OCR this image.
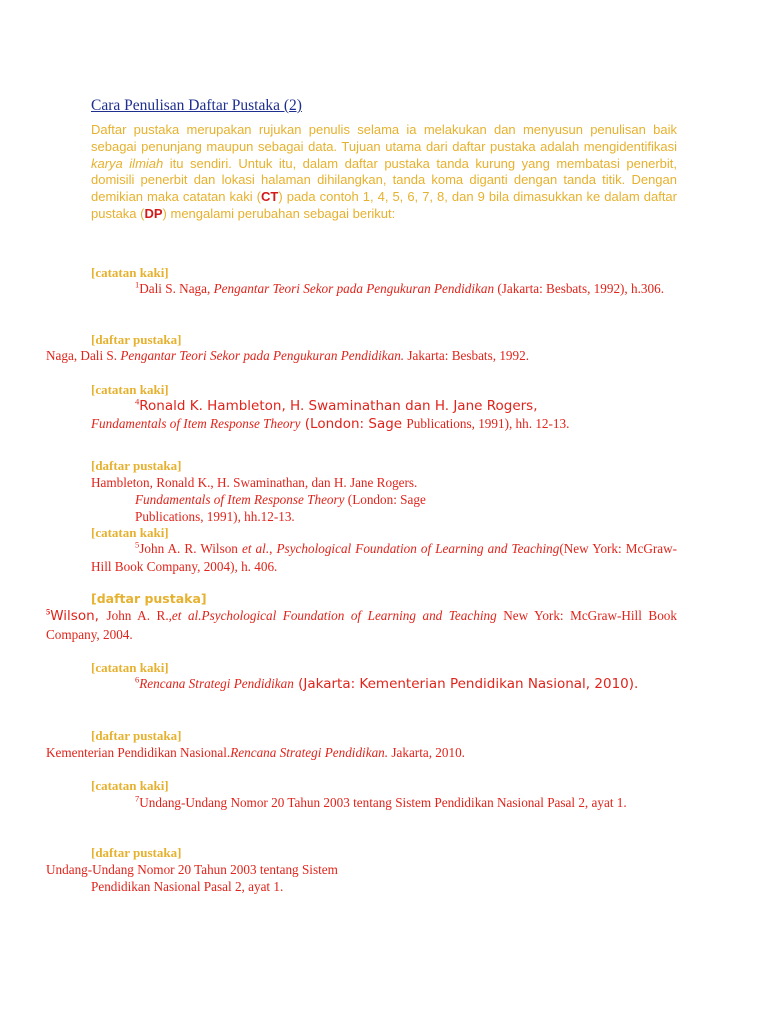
Cara Penulisan Daftar Pustaka (2)
Daftar pustaka merupakan rujukan penulis selama ia melakukan dan menyusun penulisan baik sebagai penunjang maupun sebagai data. Tujuan utama dari daftar pustaka adalah mengidentifikasi karya ilmiah itu sendiri. Untuk itu, dalam daftar pustaka tanda kurung yang membatasi penerbit, domisili penerbit dan lokasi halaman dihilangkan, tanda koma diganti dengan tanda titik. Dengan demikian maka catatan kaki (CT) pada contoh 1, 4, 5, 6, 7, 8, dan 9 bila dimasukkan ke dalam daftar pustaka (DP) mengalami perubahan sebagai berikut:
[catatan kaki]
$^1$Dali S. Naga, Pengantar Teori Sekor pada Pengukuran Pendidikan (Jakarta: Besbats, 1992), h.306.
[daftar pustaka]
Naga, Dali S. Pengantar Teori Sekor pada Pengukuran Pendidikan. Jakarta: Besbats, 1992.
[catatan kaki]
$^4$Ronald K. Hambleton, H. Swaminathan dan H. Jane Rogers,
Fundamentals of Item Response Theory (London: Sage Publications, 1991), hh. 12-13.
[daftar pustaka]
Hambleton, Ronald K., H. Swaminathan, dan H. Jane Rogers.
Fundamentals of Item Response Theory (London: Sage
Publications, 1991), hh.12-13.
[catatan kaki]
$^5$John A. R. Wilson et al., Psychological Foundation of Learning and Teaching(New York: McGraw-Hill Book Company, 2004), h. 406.
[daftar pustaka]
$^5$Wilson, John A. R.,et al.Psychological Foundation of Learning and Teaching New York: McGraw-Hill Book Company, 2004.
[catatan kaki]
$^6$Rencana Strategi Pendidikan (Jakarta: Kementerian Pendidikan Nasional, 2010).
[daftar pustaka]
Kementerian Pendidikan Nasional.Rencana Strategi Pendidikan. Jakarta, 2010.
[catatan kaki]
$^7$Undang-Undang Nomor 20 Tahun 2003 tentang Sistem Pendidikan Nasional Pasal 2, ayat 1.
[daftar pustaka]
Undang-Undang Nomor 20 Tahun 2003 tentang Sistem
Pendidikan Nasional Pasal 2, ayat 1.
